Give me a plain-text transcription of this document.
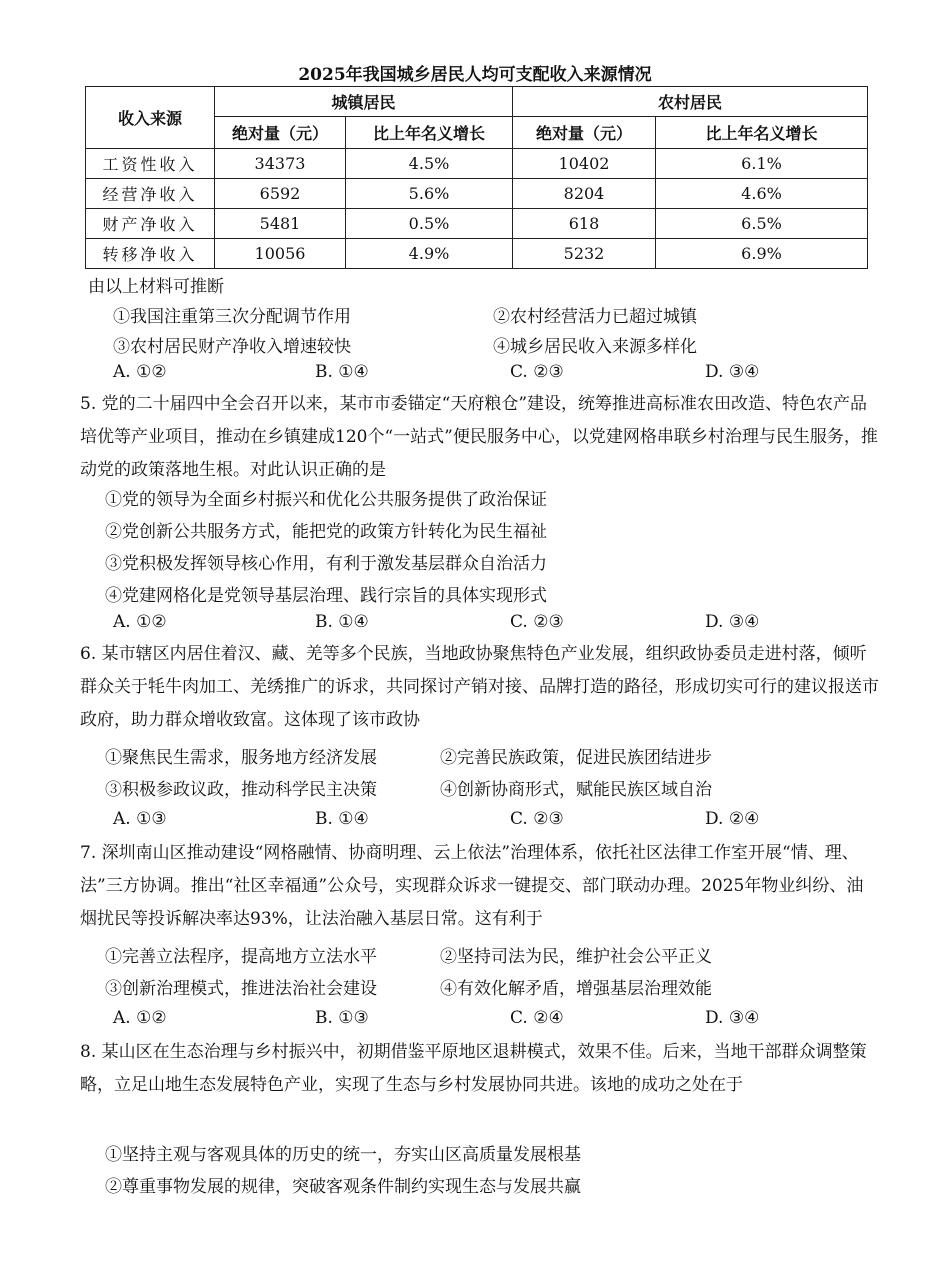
2025年我国城乡居民人均可支配收入来源情况
收入来源	城镇居民		农村居民	
	绝对量（元）	比上年名义增长	绝对量（元）	比上年名义增长
工资性收入	34373	4.5%	10402	6.1%
经营净收入	6592	5.6%	8204	4.6%
财产净收入	5481	0.5%	618	6.5%
转移净收入	10056	4.9%	5232	6.9%
由以上材料可推断
①我国注重第三次分配调节作用	②农村经营活力已超过城镇
③农村居民财产净收入增速较快	④城乡居民收入来源多样化
A. ①②	B. ①④	C. ②③	D. ③④
5. 党的二十届四中全会召开以来，某市市委锚定“天府粮仓”建设，统筹推进高标准农田改造、特色农产品培优等产业项目，推动在乡镇建成120个“一站式”便民服务中心，以党建网格串联乡村治理与民生服务，推动党的政策落地生根。对此认识正确的是
①党的领导为全面乡村振兴和优化公共服务提供了政治保证
②党创新公共服务方式，能把党的政策方针转化为民生福祉
③党积极发挥领导核心作用，有利于激发基层群众自治活力
④党建网格化是党领导基层治理、践行宗旨的具体实现形式
A. ①②	B. ①④	C. ②③	D. ③④
6. 某市辖区内居住着汉、藏、羌等多个民族，当地政协聚焦特色产业发展，组织政协委员走进村落，倾听群众关于牦牛肉加工、羌绣推广的诉求，共同探讨产销对接、品牌打造的路径，形成切实可行的建议报送市政府，助力群众增收致富。这体现了该市政协
①聚焦民生需求，服务地方经济发展	②完善民族政策，促进民族团结进步
③积极参政议政，推动科学民主决策	④创新协商形式，赋能民族区域自治
A. ①③	B. ①④	C. ②③	D. ②④
7. 深圳南山区推动建设“网格融情、协商明理、云上依法”治理体系，依托社区法律工作室开展“情、理、法”三方协调。推出“社区幸福通”公众号，实现群众诉求一键提交、部门联动办理。2025年物业纠纷、油烟扰民等投诉解决率达93%，让法治融入基层日常。这有利于
①完善立法程序，提高地方立法水平	②坚持司法为民，维护社会公平正义
③创新治理模式，推进法治社会建设	④有效化解矛盾，增强基层治理效能
A. ①②	B. ①③	C. ②④	D. ③④
8. 某山区在生态治理与乡村振兴中，初期借鉴平原地区退耕模式，效果不佳。后来，当地干部群众调整策略，立足山地生态发展特色产业，实现了生态与乡村发展协同共进。该地的成功之处在于
①坚持主观与客观具体的历史的统一，夯实山区高质量发展根基
②尊重事物发展的规律，突破客观条件制约实现生态与发展共赢
